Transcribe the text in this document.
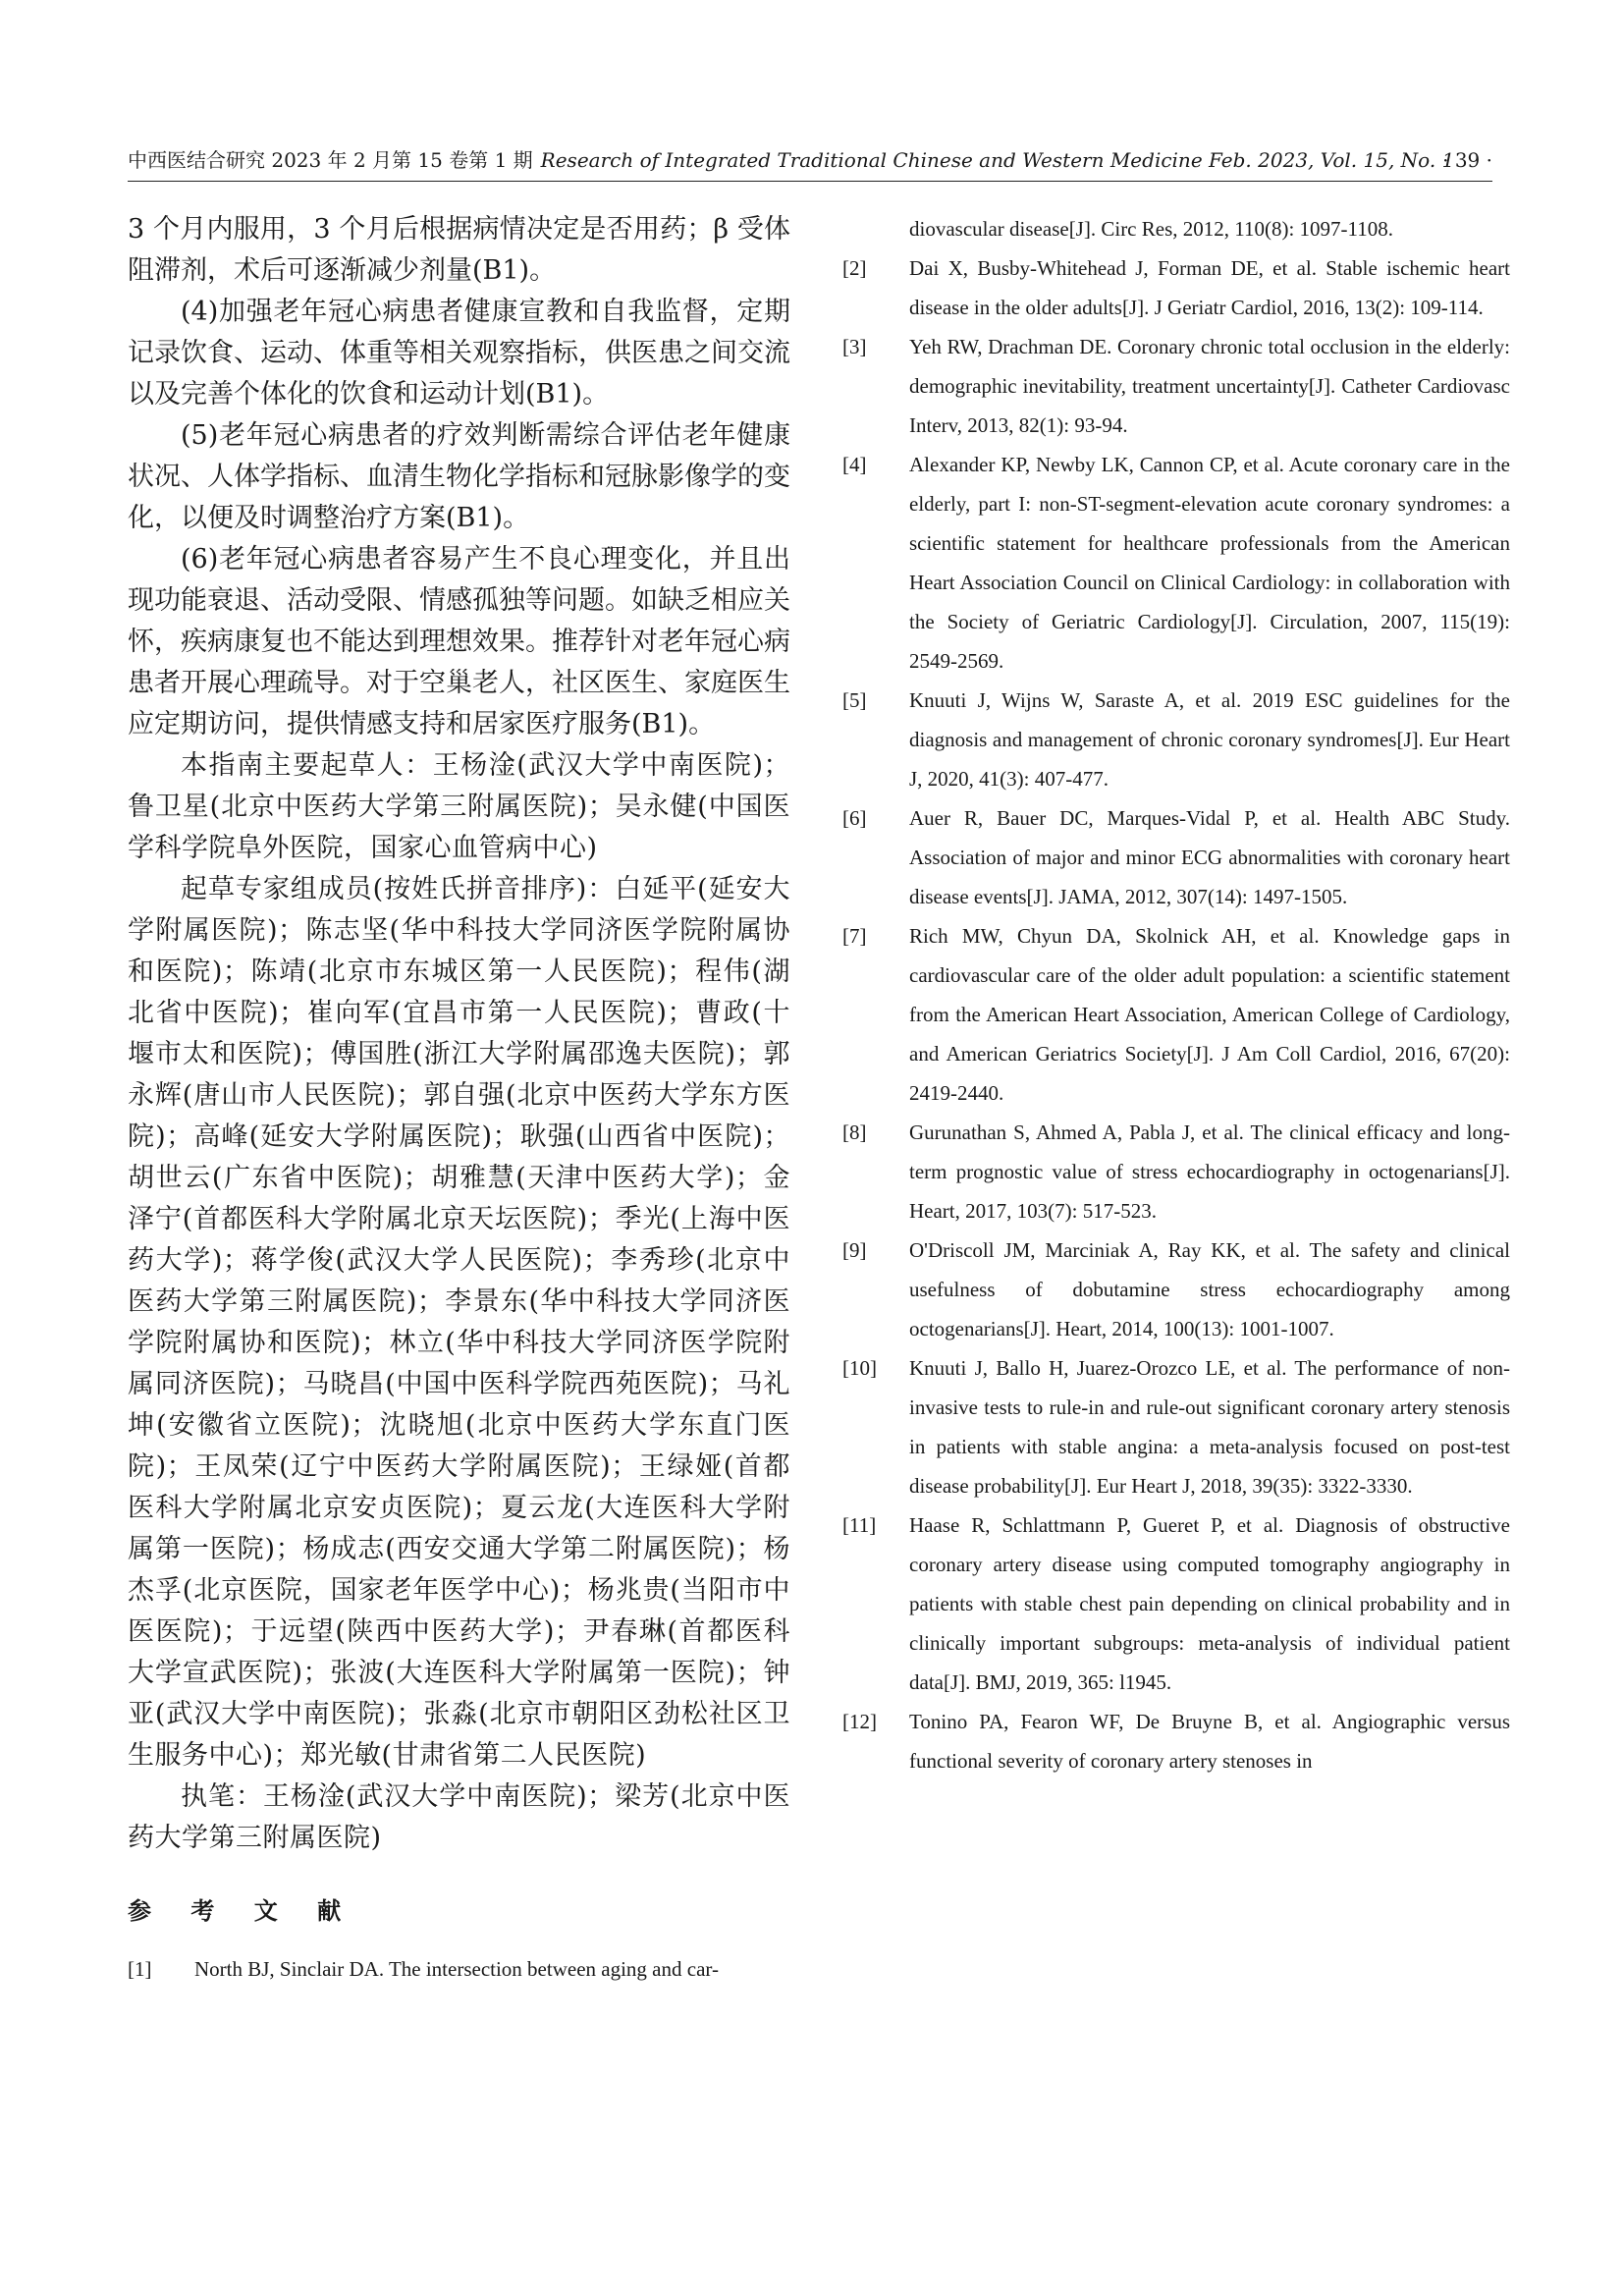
中西医结合研究 2023 年 2 月第 15 卷第 1 期 Research of Integrated Traditional Chinese and Western Medicine Feb. 2023, Vol. 15, No. 1
· 39 ·

3 个月内服用，3 个月后根据病情决定是否用药；β 受体阻滞剂，术后可逐渐减少剂量(B1)。

(4)加强老年冠心病患者健康宣教和自我监督，定期记录饮食、运动、体重等相关观察指标，供医患之间交流以及完善个体化的饮食和运动计划(B1)。

(5)老年冠心病患者的疗效判断需综合评估老年健康状况、人体学指标、血清生物化学指标和冠脉影像学的变化，以便及时调整治疗方案(B1)。

(6)老年冠心病患者容易产生不良心理变化，并且出现功能衰退、活动受限、情感孤独等问题。如缺乏相应关怀，疾病康复也不能达到理想效果。推荐针对老年冠心病患者开展心理疏导。对于空巢老人，社区医生、家庭医生应定期访问，提供情感支持和居家医疗服务(B1)。

本指南主要起草人：王杨淦(武汉大学中南医院)；鲁卫星(北京中医药大学第三附属医院)；吴永健(中国医学科学院阜外医院，国家心血管病中心)

起草专家组成员(按姓氏拼音排序)：白延平(延安大学附属医院)；陈志坚(华中科技大学同济医学院附属协和医院)；陈靖(北京市东城区第一人民医院)；程伟(湖北省中医院)；崔向军(宜昌市第一人民医院)；曹政(十堰市太和医院)；傅国胜(浙江大学附属邵逸夫医院)；郭永辉(唐山市人民医院)；郭自强(北京中医药大学东方医院)；高峰(延安大学附属医院)；耿强(山西省中医院)；胡世云(广东省中医院)；胡雅慧(天津中医药大学)；金泽宁(首都医科大学附属北京天坛医院)；季光(上海中医药大学)；蒋学俊(武汉大学人民医院)；李秀珍(北京中医药大学第三附属医院)；李景东(华中科技大学同济医学院附属协和医院)；林立(华中科技大学同济医学院附属同济医院)；马晓昌(中国中医科学院西苑医院)；马礼坤(安徽省立医院)；沈晓旭(北京中医药大学东直门医院)；王凤荣(辽宁中医药大学附属医院)；王绿娅(首都医科大学附属北京安贞医院)；夏云龙(大连医科大学附属第一医院)；杨成志(西安交通大学第二附属医院)；杨杰孚(北京医院，国家老年医学中心)；杨兆贵(当阳市中医医院)；于远望(陕西中医药大学)；尹春琳(首都医科大学宣武医院)；张波(大连医科大学附属第一医院)；钟亚(武汉大学中南医院)；张淼(北京市朝阳区劲松社区卫生服务中心)；郑光敏(甘肃省第二人民医院)

执笔：王杨淦(武汉大学中南医院)；梁芳(北京中医药大学第三附属医院)

参 考 文 献

[1] North BJ, Sinclair DA. The intersection between aging and car-

diovascular disease[J]. Circ Res, 2012, 110(8): 1097-1108.

[2] Dai X, Busby-Whitehead J, Forman DE, et al. Stable ischemic heart disease in the older adults[J]. J Geriatr Cardiol, 2016, 13(2): 109-114.

[3] Yeh RW, Drachman DE. Coronary chronic total occlusion in the elderly: demographic inevitability, treatment uncertainty[J]. Catheter Cardiovasc Interv, 2013, 82(1): 93-94.

[4] Alexander KP, Newby LK, Cannon CP, et al. Acute coronary care in the elderly, part I: non-ST-segment-elevation acute coronary syndromes: a scientific statement for healthcare professionals from the American Heart Association Council on Clinical Cardiology: in collaboration with the Society of Geriatric Cardiology[J]. Circulation, 2007, 115(19): 2549-2569.

[5] Knuuti J, Wijns W, Saraste A, et al. 2019 ESC guidelines for the diagnosis and management of chronic coronary syndromes[J]. Eur Heart J, 2020, 41(3): 407-477.

[6] Auer R, Bauer DC, Marques-Vidal P, et al. Health ABC Study. Association of major and minor ECG abnormalities with coronary heart disease events[J]. JAMA, 2012, 307(14): 1497-1505.

[7] Rich MW, Chyun DA, Skolnick AH, et al. Knowledge gaps in cardiovascular care of the older adult population: a scientific statement from the American Heart Association, American College of Cardiology, and American Geriatrics Society[J]. J Am Coll Cardiol, 2016, 67(20): 2419-2440.

[8] Gurunathan S, Ahmed A, Pabla J, et al. The clinical efficacy and long-term prognostic value of stress echocardiography in octogenarians[J]. Heart, 2017, 103(7): 517-523.

[9] O'Driscoll JM, Marciniak A, Ray KK, et al. The safety and clinical usefulness of dobutamine stress echocardiography among octogenarians[J]. Heart, 2014, 100(13): 1001-1007.

[10] Knuuti J, Ballo H, Juarez-Orozco LE, et al. The performance of non-invasive tests to rule-in and rule-out significant coronary artery stenosis in patients with stable angina: a meta-analysis focused on post-test disease probability[J]. Eur Heart J, 2018, 39(35): 3322-3330.

[11] Haase R, Schlattmann P, Gueret P, et al. Diagnosis of obstructive coronary artery disease using computed tomography angiography in patients with stable chest pain depending on clinical probability and in clinically important subgroups: meta-analysis of individual patient data[J]. BMJ, 2019, 365: l1945.

[12] Tonino PA, Fearon WF, De Bruyne B, et al. Angiographic versus functional severity of coronary artery stenoses in
